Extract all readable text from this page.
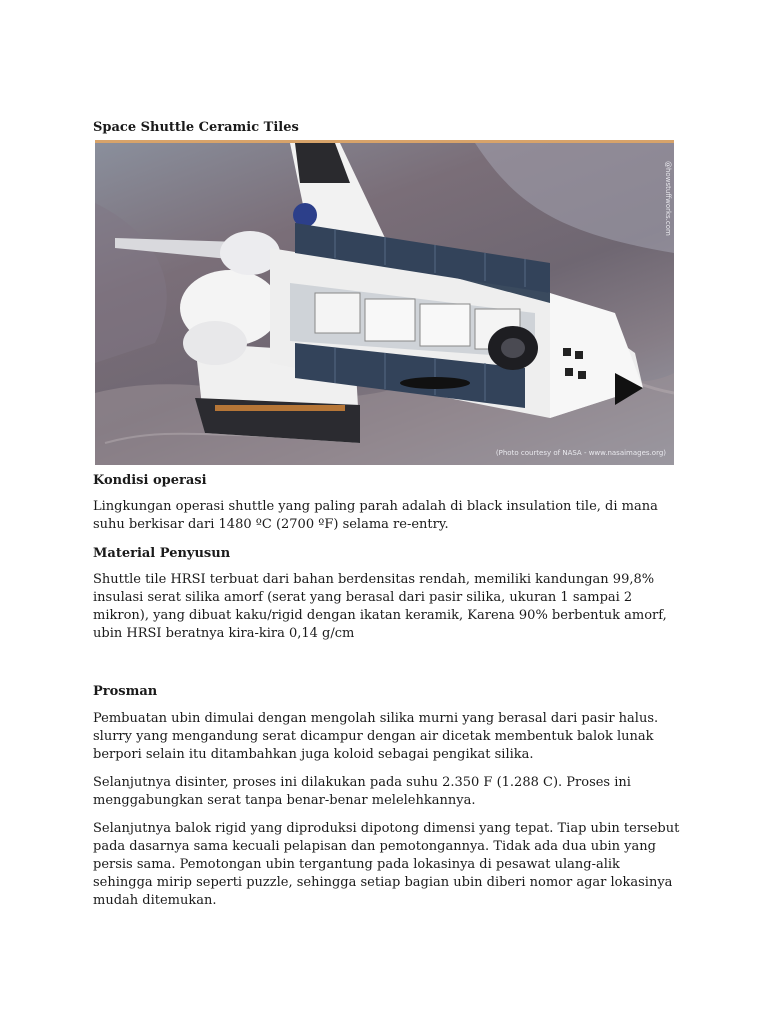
Space Shuttle Ceramic Tiles
@howstuffworks.com
(Photo courtesy of NASA - www.nasaimages.org)
Kondisi operasi

Lingkungan operasi shuttle yang paling parah adalah di black insulation tile, di mana suhu berkisar dari 1480 ºC (2700 ºF) selama re-entry.

Material Penyusun

Shuttle tile HRSI terbuat dari bahan berdensitas rendah, memiliki kandungan 99,8% insulasi serat silika amorf (serat yang berasal dari pasir silika, ukuran 1 sampai 2 mikron), yang dibuat kaku/rigid dengan ikatan keramik, Karena 90% berbentuk amorf, ubin HRSI beratnya kira-kira 0,14 g/cm

Prosman

Pembuatan ubin dimulai dengan mengolah silika murni yang berasal dari pasir halus. slurry yang mengandung serat dicampur dengan air dicetak membentuk balok lunak berpori selain itu ditambahkan juga koloid sebagai pengikat silika.

Selanjutnya disinter, proses ini dilakukan pada suhu 2.350 F (1.288 C). Proses ini menggabungkan serat tanpa benar-benar melelehkannya.

Selanjutnya balok rigid yang diproduksi dipotong dimensi yang tepat. Tiap ubin tersebut pada dasarnya sama kecuali pelapisan dan pemotongannya. Tidak ada dua ubin yang persis sama. Pemotongan ubin tergantung pada lokasinya di pesawat ulang-alik sehingga mirip seperti puzzle, sehingga setiap bagian ubin diberi nomor agar lokasinya mudah ditemukan.
